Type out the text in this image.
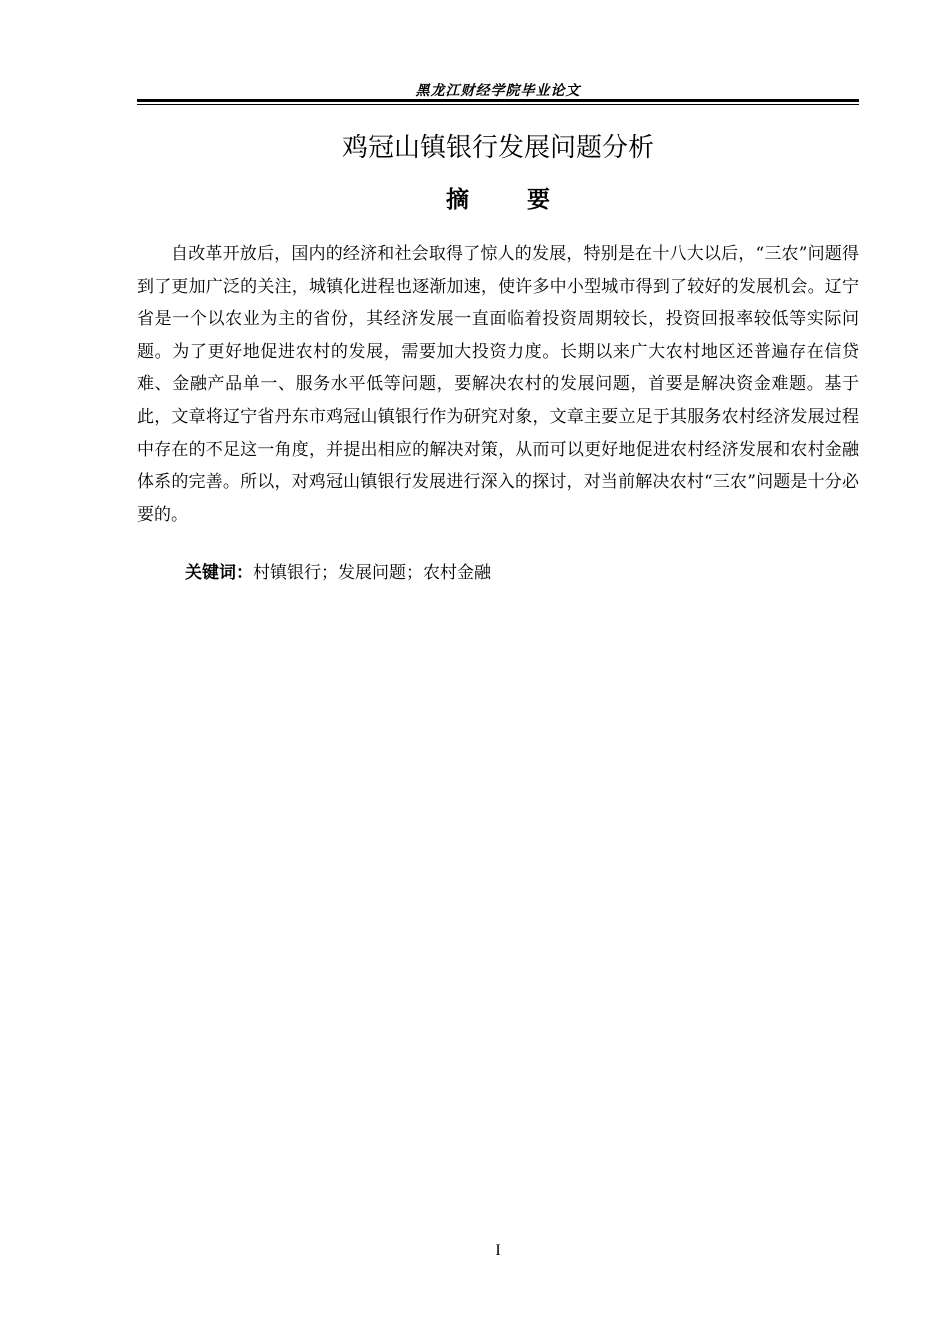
黑龙江财经学院毕业论文
鸡冠山镇银行发展问题分析
摘	要

自改革开放后，国内的经济和社会取得了惊人的发展，特别是在十八大以后，“三农”问题得到了更加广泛的关注，城镇化进程也逐渐加速，使许多中小型城市得到了较好的发展机会。辽宁省是一个以农业为主的省份，其经济发展一直面临着投资周期较长，投资回报率较低等实际问题。为了更好地促进农村的发展，需要加大投资力度。长期以来广大农村地区还普遍存在信贷难、金融产品单一、服务水平低等问题，要解决农村的发展问题，首要是解决资金难题。基于此，文章将辽宁省丹东市鸡冠山镇银行作为研究对象，文章主要立足于其服务农村经济发展过程中存在的不足这一角度，并提出相应的解决对策，从而可以更好地促进农村经济发展和农村金融体系的完善。所以，对鸡冠山镇银行发展进行深入的探讨，对当前解决农村“三农”问题是十分必要的。

关键词：村镇银行；发展问题；农村金融
I
